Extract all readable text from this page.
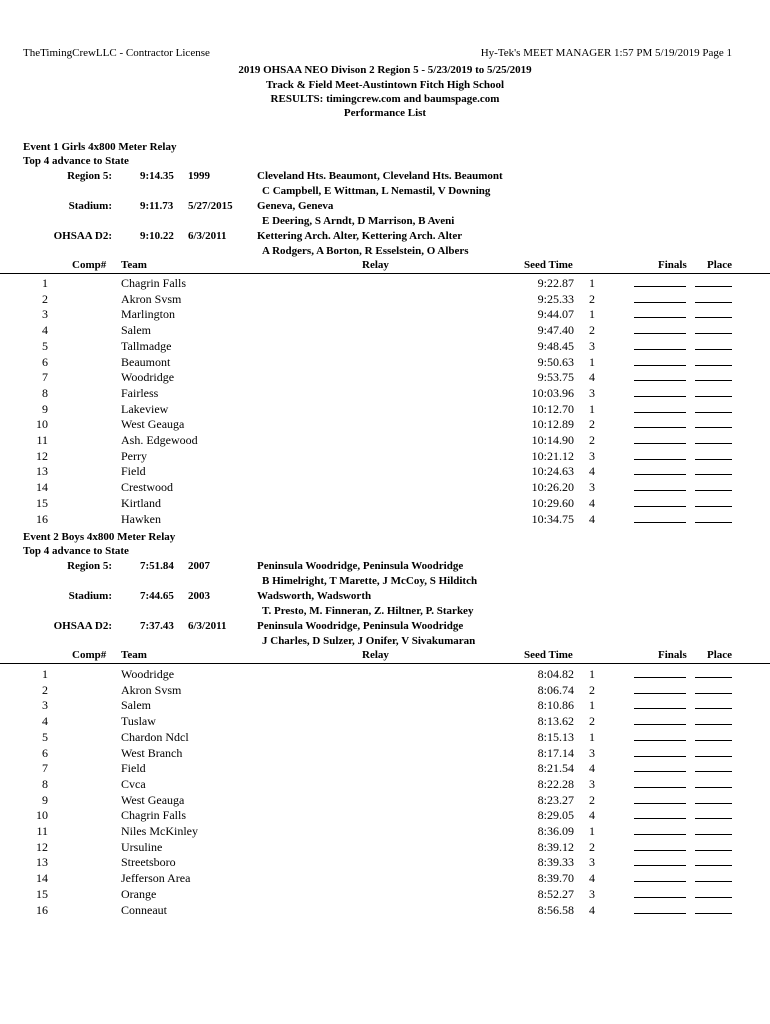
TheTimingCrewLLC - Contractor License	Hy-Tek's MEET MANAGER 1:57 PM 5/19/2019 Page 1
2019 OHSAA NEO Divison 2 Region 5 - 5/23/2019 to 5/25/2019
Track & Field Meet-Austintown Fitch High School
RESULTS: timingcrew.com and baumspage.com
Performance List
Event 1 Girls 4x800 Meter Relay
Top 4 advance to State
Region 5:	9:14.35 1999	Cleveland Hts. Beaumont, Cleveland Hts. Beaumont
C Campbell, E Wittman, L Nemastil, V Downing
Stadium:	9:11.73 5/27/2015 Geneva, Geneva
E Deering, S Arndt, D Marrison, B Aveni
OHSAA D2:	9:10.22 6/3/2011	Kettering Arch. Alter, Kettering Arch. Alter
A Rodgers, A Borton, R Esselstein, O Albers
Comp# Team	Relay	Seed Time	Finals Place
1	Chagrin Falls	9:22.87 1
2	Akron Svsm	9:25.33 2
3	Marlington	9:44.07 1
4	Salem	9:47.40 2
5	Tallmadge	9:48.45 3
6	Beaumont	9:50.63 1
7	Woodridge	9:53.75 4
8	Fairless	10:03.96 3
9	Lakeview	10:12.70 1
10	West Geauga	10:12.89 2
11	Ash. Edgewood	10:14.90 2
12	Perry	10:21.12 3
13	Field	10:24.63 4
14	Crestwood	10:26.20 3
15	Kirtland	10:29.60 4
16	Hawken	10:34.75 4
Event 2 Boys 4x800 Meter Relay
Top 4 advance to State
Region 5:	7:51.84 2007	Peninsula Woodridge, Peninsula Woodridge
B Himelright, T Marette, J McCoy, S Hilditch
Stadium:	7:44.65 2003	Wadsworth, Wadsworth
T. Presto, M. Finneran, Z. Hiltner, P. Starkey
OHSAA D2:	7:37.43 6/3/2011	Peninsula Woodridge, Peninsula Woodridge
J Charles, D Sulzer, J Onifer, V Sivakumaran
Comp# Team	Relay	Seed Time	Finals Place
1	Woodridge	8:04.82 1
2	Akron Svsm	8:06.74 2
3	Salem	8:10.86 1
4	Tuslaw	8:13.62 2
5	Chardon Ndcl	8:15.13 1
6	West Branch	8:17.14 3
7	Field	8:21.54 4
8	Cvca	8:22.28 3
9	West Geauga	8:23.27 2
10	Chagrin Falls	8:29.05 4
11	Niles McKinley	8:36.09 1
12	Ursuline	8:39.12 2
13	Streetsboro	8:39.33 3
14	Jefferson Area	8:39.70 4
15	Orange	8:52.27 3
16	Conneaut	8:56.58 4
